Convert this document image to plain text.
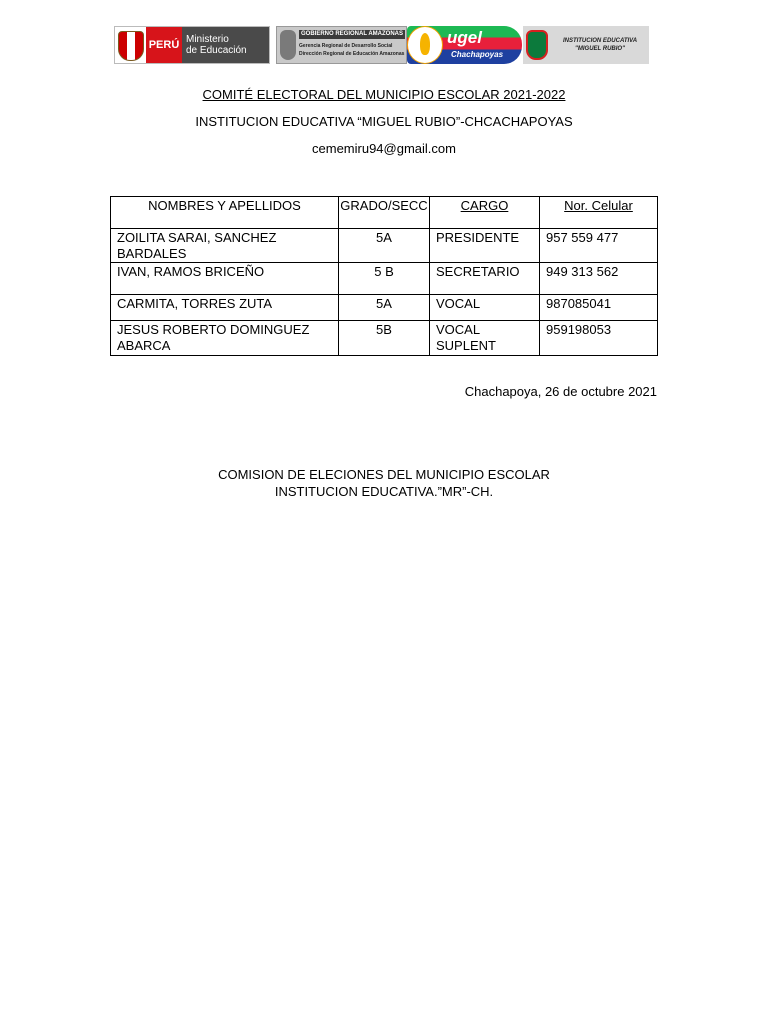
PERÚ Ministerio
de Educación
GOBIERNO REGIONAL AMAZONAS
Gerencia Regional de Desarrollo Social
Dirección Regional de Educación Amazonas
ugel
Chachapoyas
INSTITUCION EDUCATIVA
"MIGUEL RUBIO"
COMITÉ ELECTORAL DEL MUNICIPIO ESCOLAR 2021-2022
INSTITUCION EDUCATIVA “MIGUEL RUBIO”-CHCACHAPOYAS
cememiru94@gmail.com
NOMBRES Y APELLIDOS	GRADO/SECC	CARGO	Nor. Celular
ZOILITA SARAI, SANCHEZ BARDALES	5A	PRESIDENTE	957 559 477
IVAN, RAMOS BRICEÑO	5 B	SECRETARIO	949 313 562
CARMITA, TORRES ZUTA	5A	VOCAL	987085041
JESUS ROBERTO DOMINGUEZ ABARCA	5B	VOCAL SUPLENT	959198053
Chachapoya, 26 de octubre 2021
COMISION DE ELECIONES DEL MUNICIPIO ESCOLAR
INSTITUCION EDUCATIVA.”MR”-CH.
